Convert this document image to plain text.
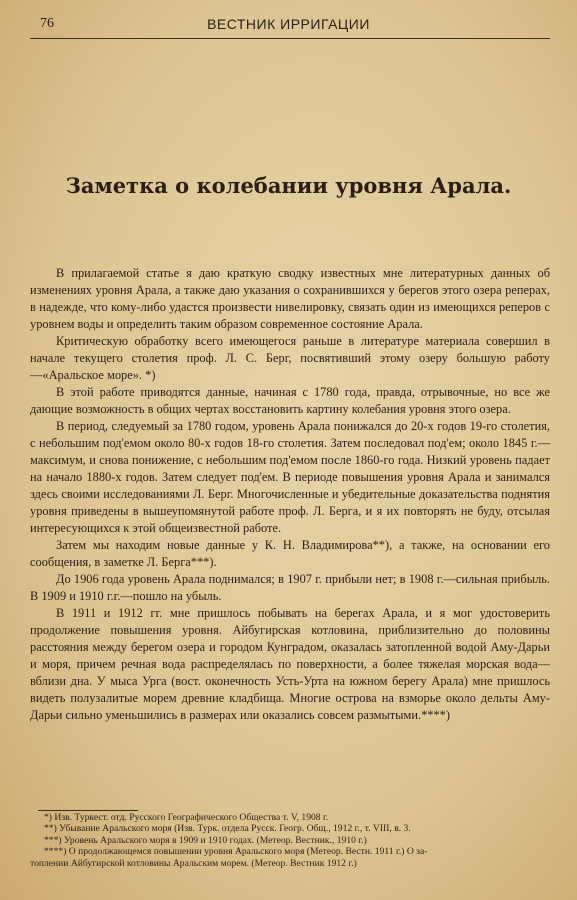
76	ВЕСТНИК ИРРИГАЦИИ
Заметка о колебании уровня Арала.

В прилагаемой статье я даю краткую сводку известных мне литературных данных об изменениях уровня Арала, а также даю указания о сохранившихся у берегов этого озера реперах, в надежде, что кому-либо удастся произвести нивелировку, связать один из имеющихся реперов с уровнем воды и определить таким образом современное состояние Арала.

Критическую обработку всего имеющегося раньше в литературе материала совершил в начале текущего столетия проф. Л. С. Берг, посвятивший этому озеру большую работу—«Аральское море». *)

В этой работе приводятся данные, начиная с 1780 года, правда, отрывочные, но все же дающие возможность в общих чертах восстановить картину колебания уровня этого озера.

В период, следуемый за 1780 годом, уровень Арала понижался до 20-х годов 19-го столетия, с небольшим под'емом около 80-х годов 18-го столетия. Затем последовал под'ем; около 1845 г.—максимум, и снова понижение, с небольшим под'емом после 1860-го года. Низкий уровень падает на начало 1880-х годов. Затем следует под'ем. В периоде повышения уровня Арала и занимался здесь своими исследованиями Л. Берг. Многочисленные и убедительные доказательства поднятия уровня приведены в вышеупомянутой работе проф. Л. Берга, и я их повторять не буду, отсылая интересующихся к этой общеизвестной работе.

Затем мы находим новые данные у К. Н. Владимирова**), а также, на основании его сообщения, в заметке Л. Берга***).

До 1906 года уровень Арала поднимался; в 1907 г. прибыли нет; в 1908 г.—сильная прибыль. В 1909 и 1910 г.г.—пошло на убыль.

В 1911 и 1912 гг. мне пришлось побывать на берегах Арала, и я мог удостоверить продолжение повышения уровня. Айбугирская котловина, приблизительно до половины расстояния между берегом озера и городом Кунградом, оказалась затопленной водой Аму-Дарьи и моря, причем речная вода распределялась по поверхности, а более тяжелая морская вода—вблизи дна. У мыса Урга (вост. оконечность Усть-Урта на южном берегу Арала) мне пришлось видеть полузалитые морем древние кладбища. Многие острова на взморье около дельты Аму-Дарьи сильно уменьшились в размерах или оказались совсем размытыми.****)

*) Изв. Туркест. отд. Русского Географического Общества т. V, 1908 г.
**) Убывание Аральского моря (Изв. Турк. отдела Русск. Геогр. Общ., 1912 г., т. VIII, в. 3.
***) Уровень Аральского моря в 1909 и 1910 годах. (Метеор. Вестник., 1910 г.)
****) О продолжающемся повышении уровня Аральского моря (Метеор. Вестн. 1911 г.) О за-
топлении Айбугирской котловины Аральским морем. (Метеор. Вестник 1912 г.)
